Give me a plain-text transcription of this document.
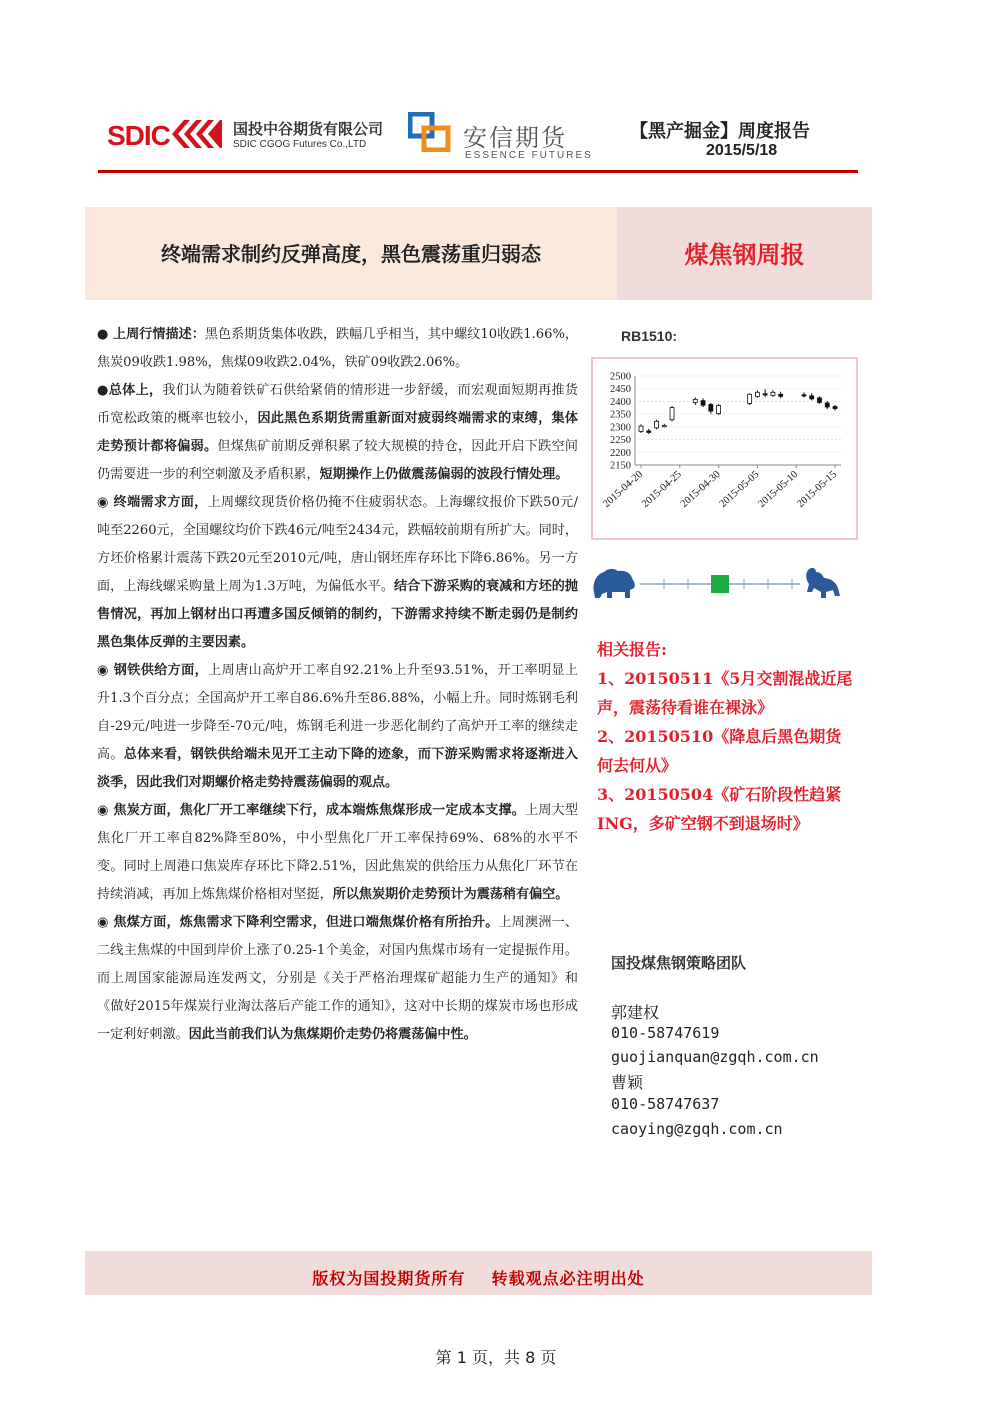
SDIC	国投中谷期货有限公司
SDIC CGOG Futures Co.,LTD	安信期货
ESSENCE FUTURES
【黑产掘金】周度报告
2015/5/18
终端需求制约反弹高度，黑色震荡重归弱态	煤焦钢周报

● 上周行情描述：黑色系期货集体收跌，跌幅几乎相当，其中螺纹10收跌1.66%，焦炭09收跌1.98%，焦煤09收跌2.04%，铁矿09收跌2.06%。

●总体上，我们认为随着铁矿石供给紧俏的情形进一步舒缓，而宏观面短期再推货币宽松政策的概率也较小，因此黑色系期货需重新面对疲弱终端需求的束缚，集体走势预计都将偏弱。但煤焦矿前期反弹积累了较大规模的持仓，因此开启下跌空间仍需要进一步的利空刺激及矛盾积累，短期操作上仍做震荡偏弱的波段行情处理。

◉ 终端需求方面，上周螺纹现货价格仍掩不住疲弱状态。上海螺纹报价下跌50元/吨至2260元，全国螺纹均价下跌46元/吨至2434元，跌幅较前期有所扩大。同时，方坯价格累计震荡下跌20元至2010元/吨，唐山钢坯库存环比下降6.86%。另一方面，上海线螺采购量上周为1.3万吨，为偏低水平。结合下游采购的衰减和方坯的抛售情况，再加上钢材出口再遭多国反倾销的制约，下游需求持续不断走弱仍是制约黑色集体反弹的主要因素。

◉ 钢铁供给方面，上周唐山高炉开工率自92.21%上升至93.51%，开工率明显上升1.3个百分点；全国高炉开工率自86.6%升至86.88%，小幅上升。同时炼钢毛利自-29元/吨进一步降至-70元/吨，炼钢毛利进一步恶化制约了高炉开工率的继续走高。总体来看，钢铁供给端未见开工主动下降的迹象，而下游采购需求将逐渐进入淡季，因此我们对期螺价格走势持震荡偏弱的观点。

◉ 焦炭方面，焦化厂开工率继续下行，成本端炼焦煤形成一定成本支撑。上周大型焦化厂开工率自82%降至80%，中小型焦化厂开工率保持69%、68%的水平不变。同时上周港口焦炭库存环比下降2.51%，因此焦炭的供给压力从焦化厂环节在持续消减，再加上炼焦煤价格相对坚挺，所以焦炭期价走势预计为震荡稍有偏空。

◉ 焦煤方面，炼焦需求下降利空需求，但进口端焦煤价格有所抬升。上周澳洲一、二线主焦煤的中国到岸价上涨了0.25-1个美金，对国内焦煤市场有一定提振作用。而上周国家能源局连发两文，分别是《关于严格治理煤矿超能力生产的通知》和《做好2015年煤炭行业淘汰落后产能工作的通知》，这对中长期的煤炭市场也形成一定利好刺激。因此当前我们认为焦煤期价走势仍将震荡偏中性。

RB1510:
2150
2200
2250
2300
2350
2400
2450
2500
2015-04-20
2015-04-25
2015-04-30
2015-05-05
2015-05-10
2015-05-15

相关报告:

1、20150511《5月交割混战近尾声，震荡待看谁在裸泳》

2、20150510《降息后黑色期货何去何从》

3、20150504《矿石阶段性趋紧ING，多矿空钢不到退场时》

国投煤焦钢策略团队
郭建权
010-58747619
guojianquan@zgqh.com.cn
曹颖
010-58747637
caoying@zgqh.com.cn
版权为国投期货所有    转载观点必注明出处
第 1 页，共 8 页
